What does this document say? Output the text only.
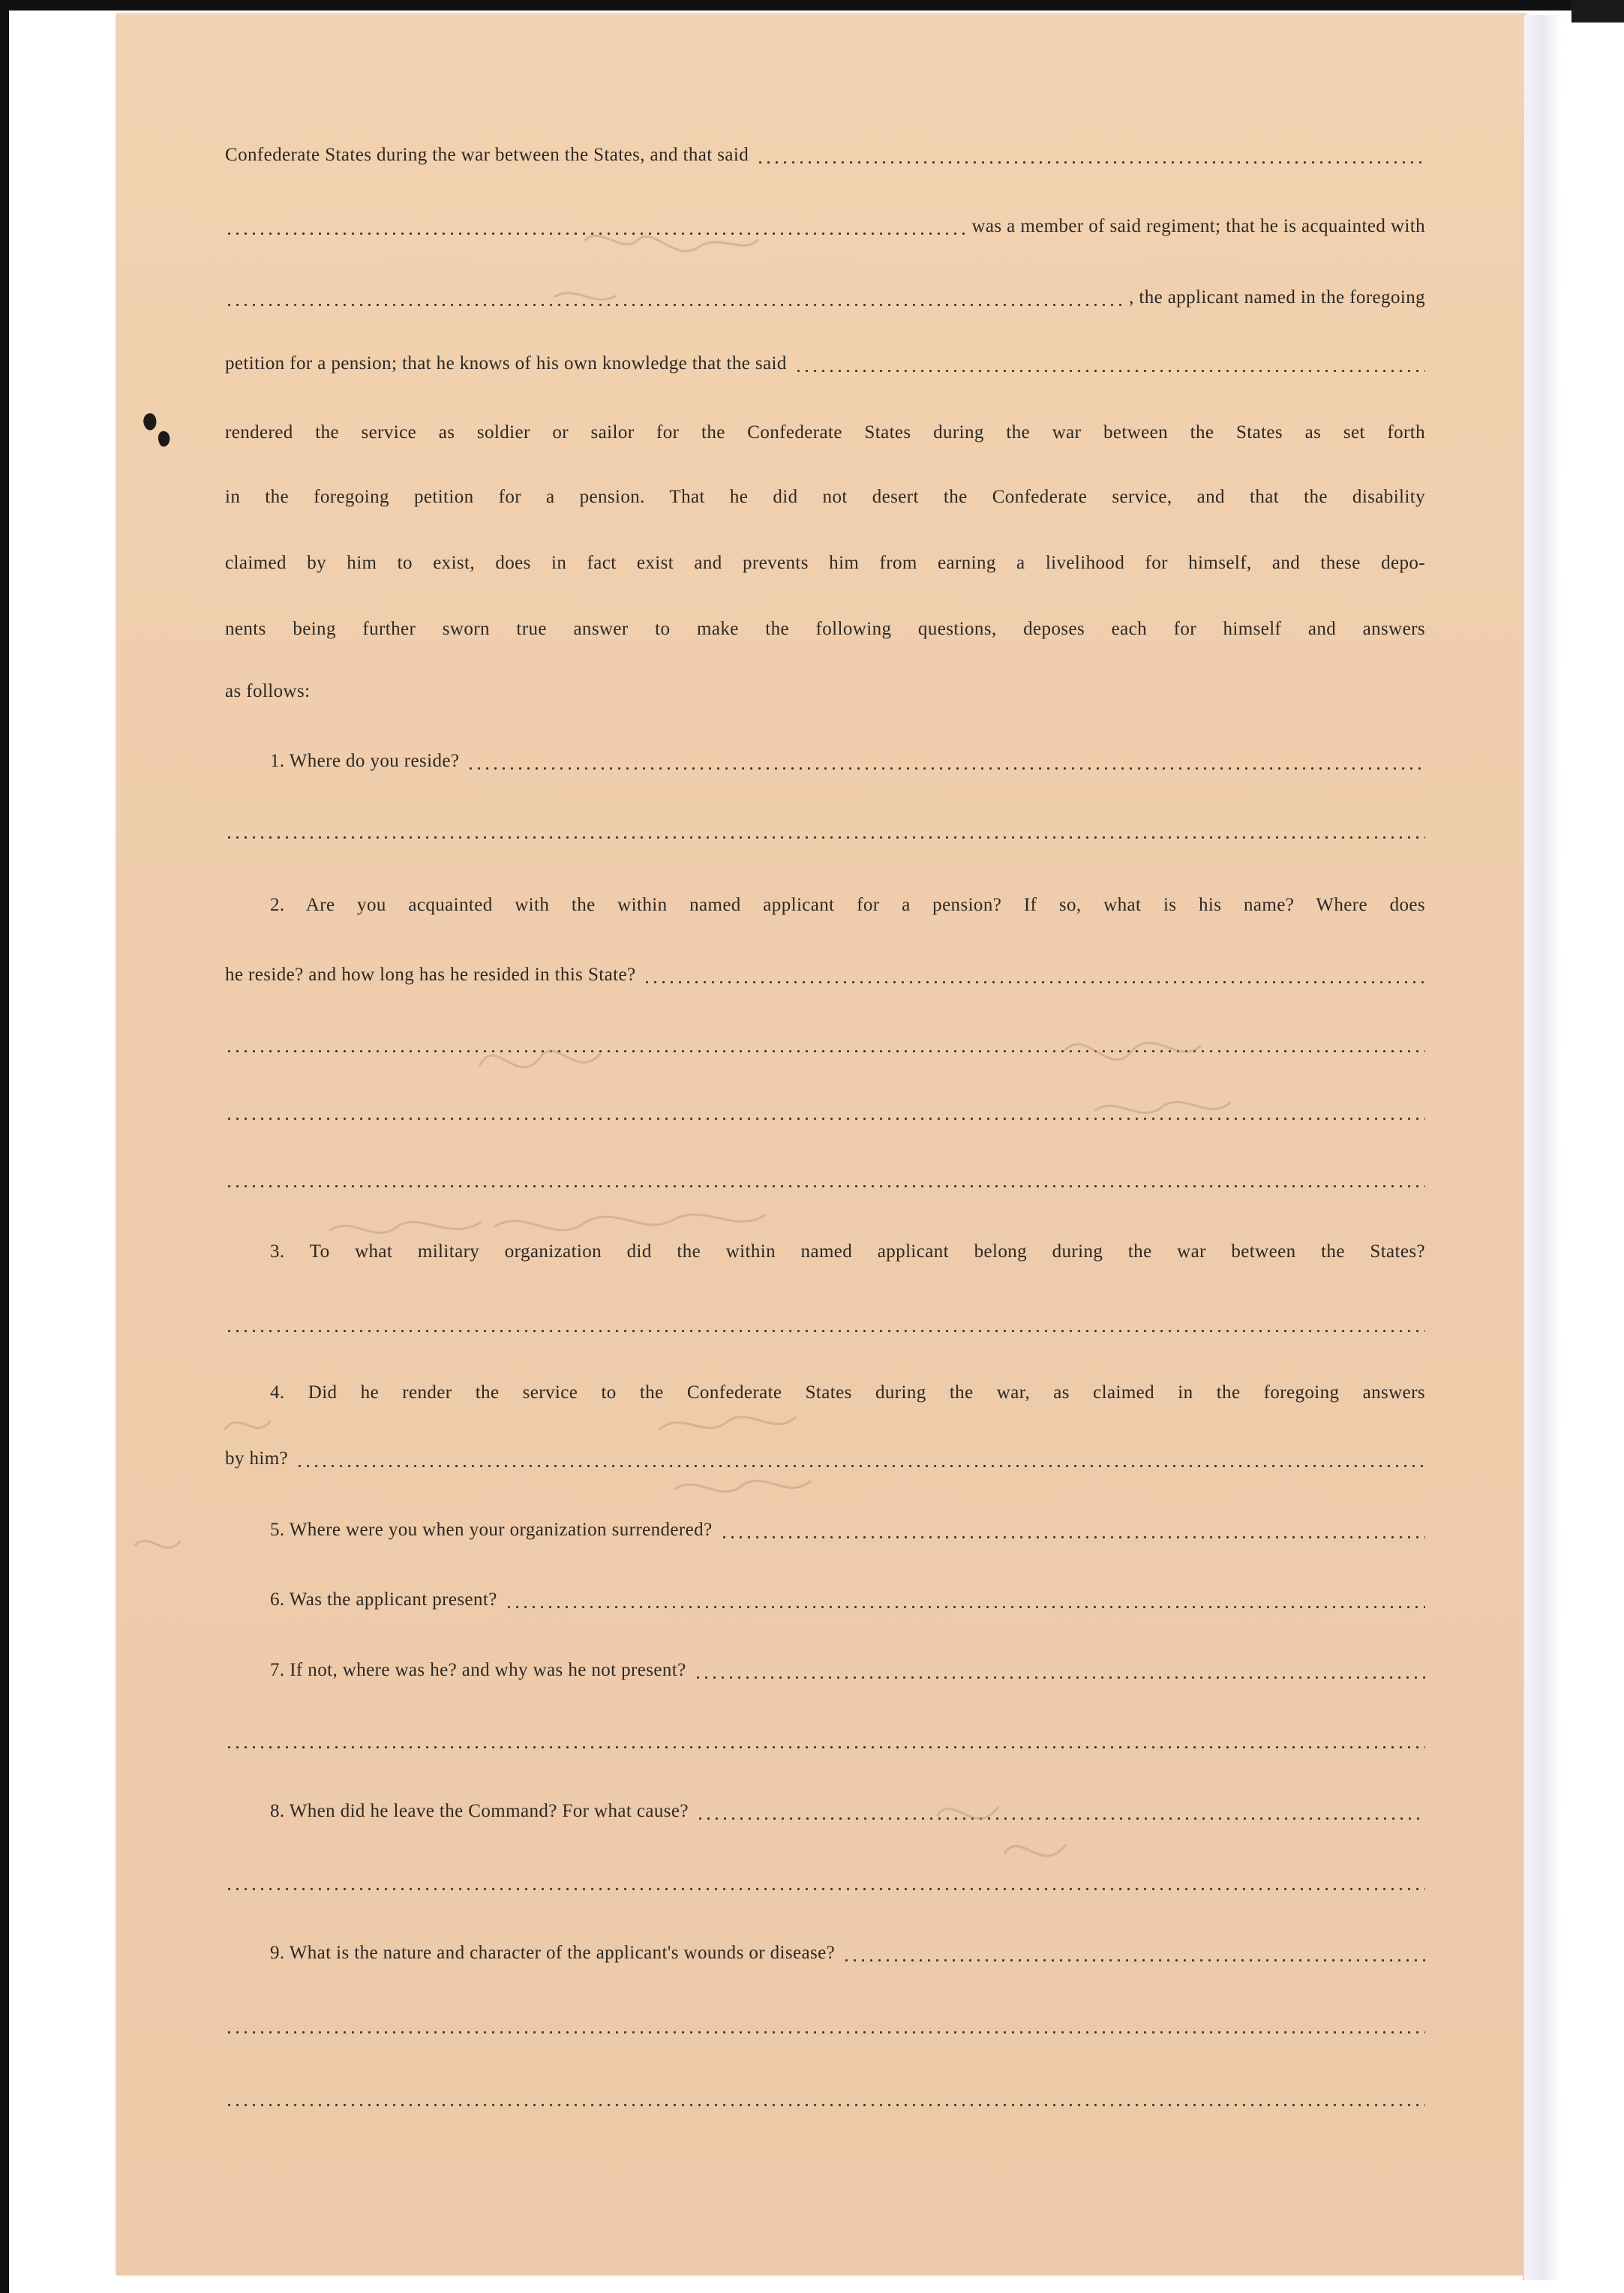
Confederate States during the war between the States, and that said
was a member of said regiment; that he is acquainted with
, the applicant named in the foregoing
petition for a pension; that he knows of his own knowledge that the said
rendered the service as soldier or sailor for the Confederate States during the war between the States as set forth
in the foregoing petition for a pension. That he did not desert the Confederate service, and that the disability
claimed by him to exist, does in fact exist and prevents him from earning a livelihood for himself, and these depo-
nents being further sworn true answer to make the following questions, deposes each for himself and answers
as follows:
1. Where do you reside?
2. Are you acquainted with the within named applicant for a pension? If so, what is his name? Where does
he reside? and how long has he resided in this State?
3. To what military organization did the within named applicant belong during the war between the States?
4. Did he render the service to the Confederate States during the war, as claimed in the foregoing answers
by him?
5. Where were you when your organization surrendered?
6. Was the applicant present?
7. If not, where was he? and why was he not present?
8. When did he leave the Command? For what cause?
9. What is the nature and character of the applicant's wounds or disease?
